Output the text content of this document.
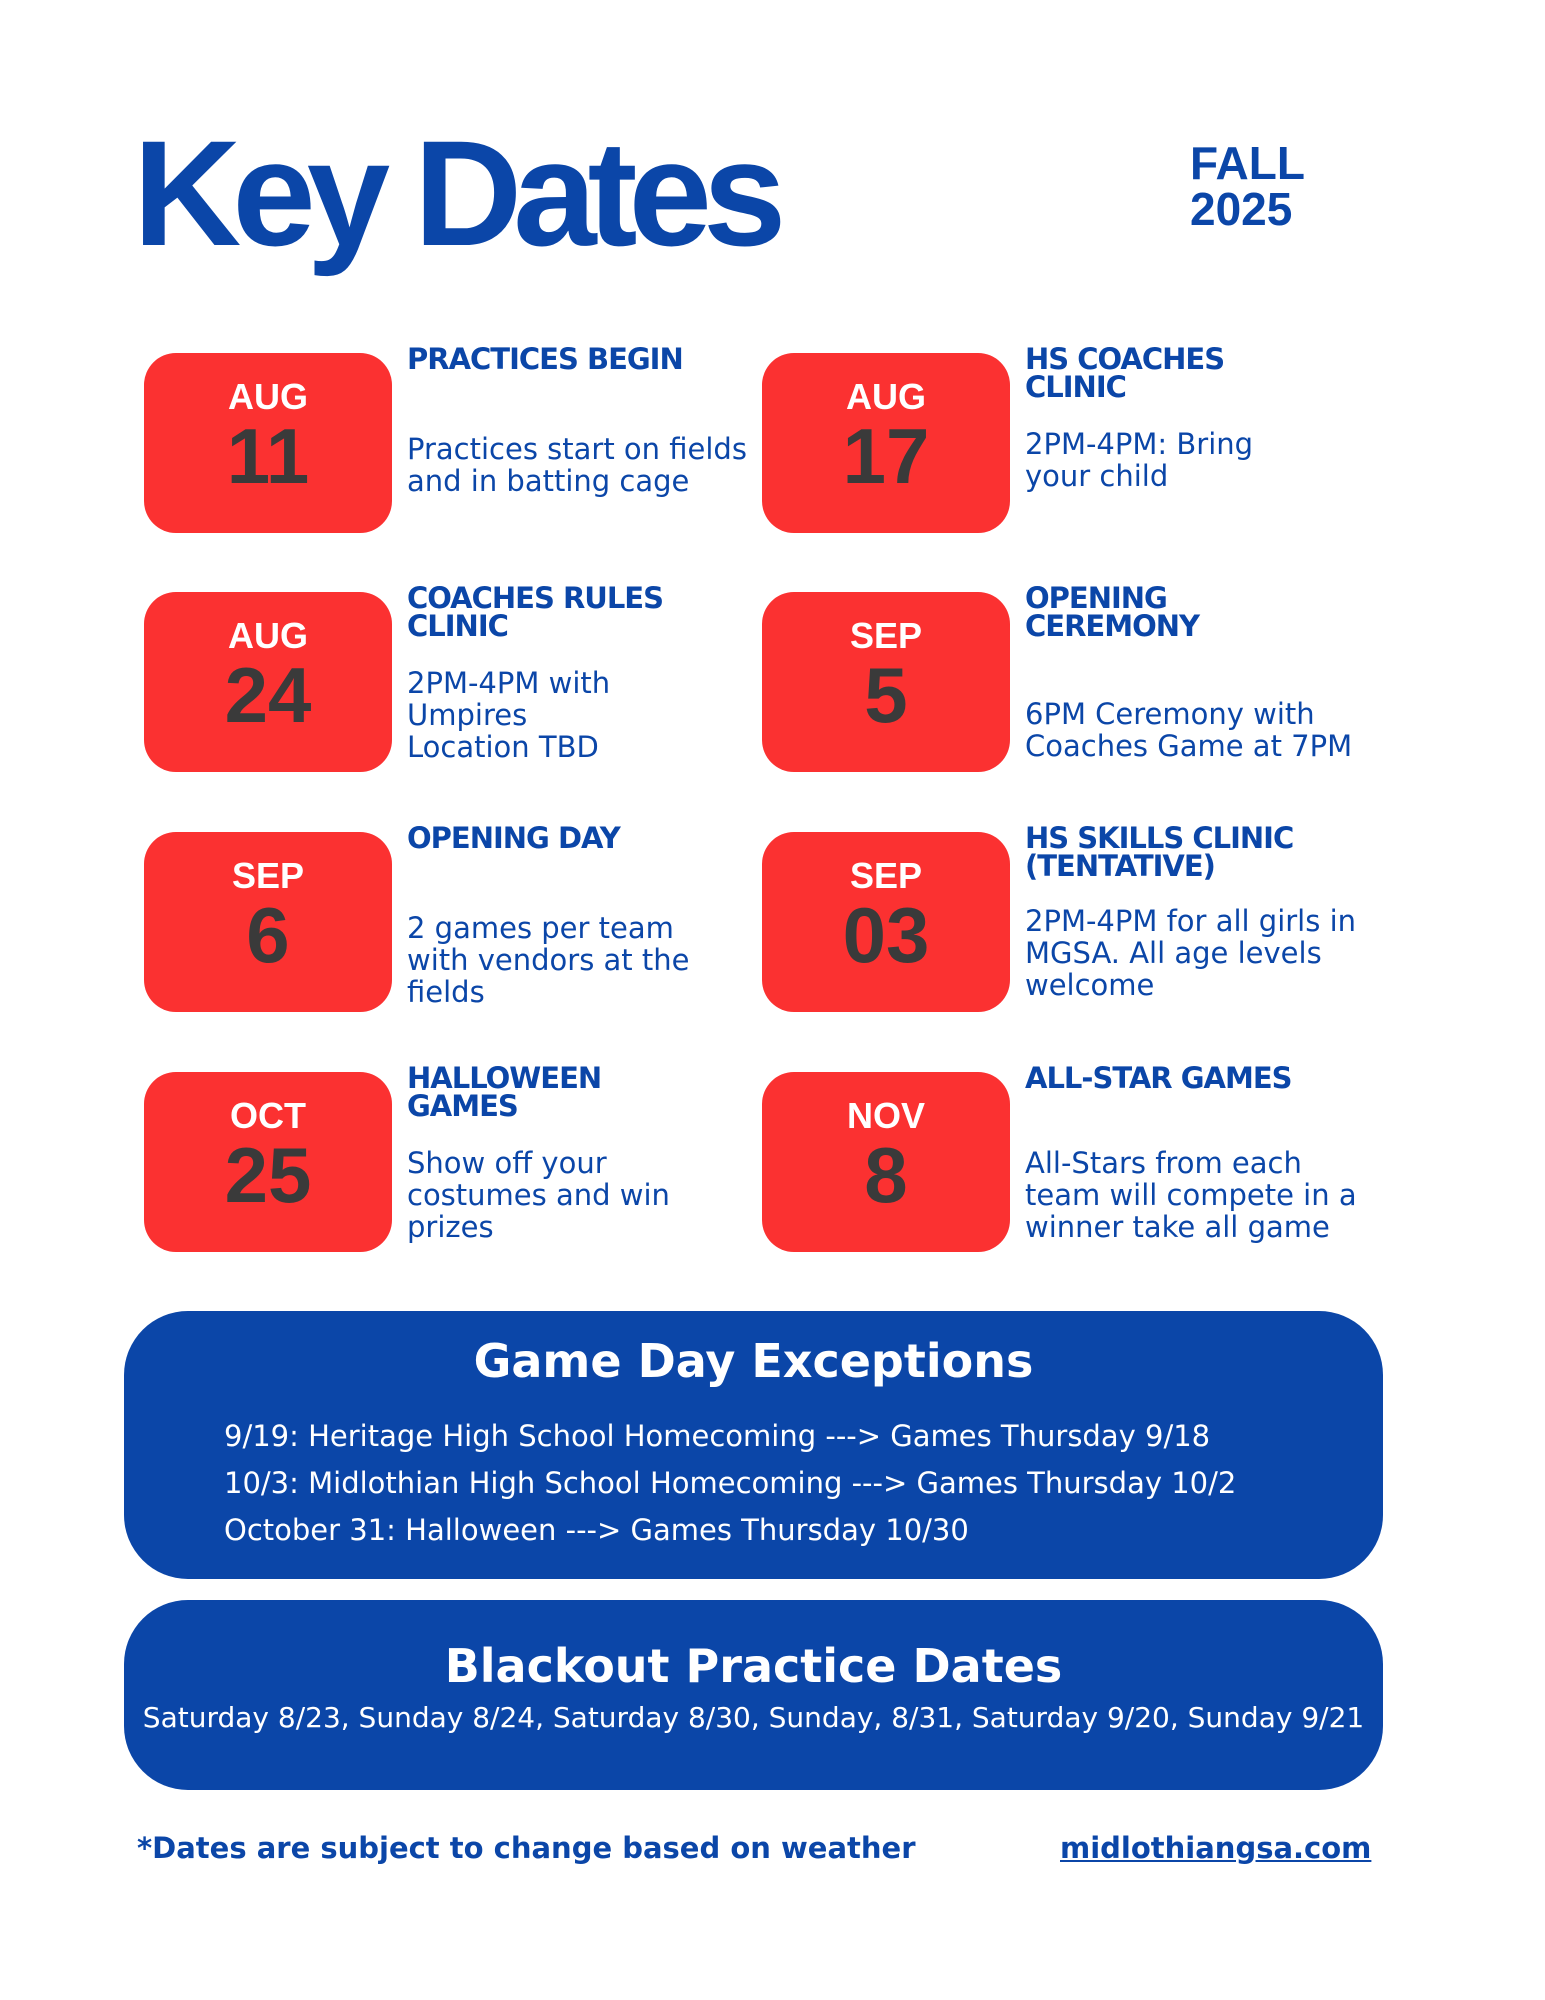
Key Dates	FALL
2025
AUG
11
PRACTICES BEGIN

Practices start on fields and in batting cage

AUG
17
HS COACHES CLINIC

2PM-4PM: Bring your child

AUG
24
COACHES RULES CLINIC

2PM-4PM with Umpires Location TBD

SEP
5
OPENING CEREMONY

6PM Ceremony with Coaches Game at 7PM

SEP
6
OPENING DAY

2 games per team with vendors at the fields

SEP
03
HS SKILLS CLINIC (TENTATIVE)

2PM-4PM for all girls in MGSA. All age levels welcome

OCT
25
HALLOWEEN GAMES

Show off your costumes and win prizes

NOV
8
ALL-STAR GAMES

All-Stars from each team will compete in a winner take all game

Game Day Exceptions
9/19: Heritage High School Homecoming ---> Games Thursday 9/18
10/3: Midlothian High School Homecoming ---> Games Thursday 10/2
October 31: Halloween ---> Games Thursday 10/30
Blackout Practice Dates
Saturday 8/23, Sunday 8/24, Saturday 8/30, Sunday, 8/31, Saturday 9/20, Sunday 9/21

*Dates are subject to change based on weather	midlothiangsa.com
